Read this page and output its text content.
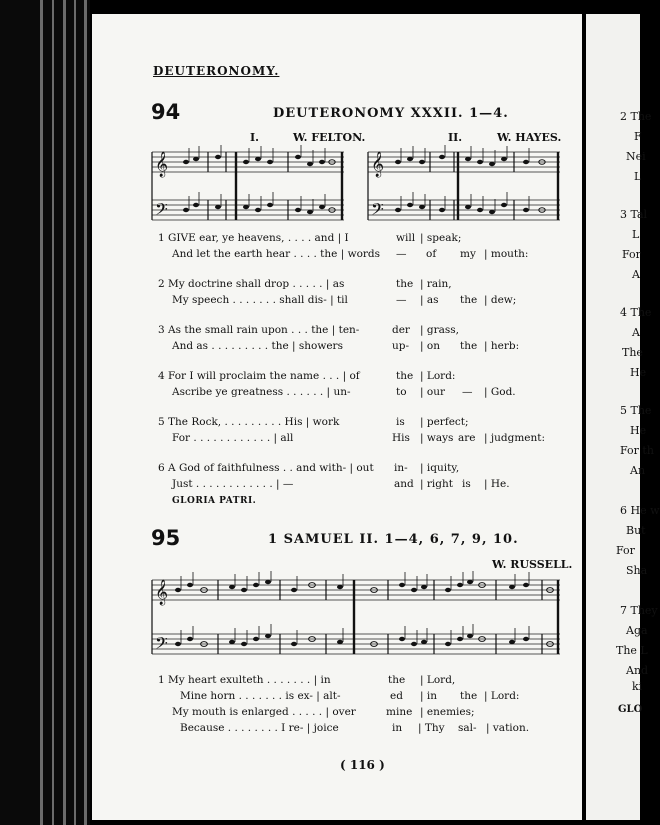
DEUTERONOMY.
94	DEUTERONOMY XXXII. 1—4.
I.	W. FELTON.	II.	W. HAYES.
𝄞
𝄢
𝄞
𝄢
1 GIVE ear, ye heavens, . . . . and | I	will | speak;
And let the earth hear . . . . the | words — of my | mouth:
2 My doctrine shall drop . . . . . | as	the | rain,
My speech . . . . . . . shall dis- | til	— | as the | dew;
3 As the small rain upon . . . the | ten-	der | grass,
And as . . . . . . . . . the | showers	up- | on the | herb:
4 For I will proclaim the name . . . | of	the | Lord:
Ascribe ye greatness . . . . . . | un-	to | our — | God.
5 The Rock, . . . . . . . . . His | work	is | perfect;
For . . . . . . . . . . . . | all	His | ways are | judgment:
6 A God of faithfulness . . and with- | out in- | iquity,
Just . . . . . . . . . . . . | —	and | right is | He.
GLORIA PATRI.
95	1 SAMUEL II. 1—4, 6, 7, 9, 10.
W. RUSSELL.
𝄞
𝄢
1 My heart exulteth . . . . . . . | in	the | Lord,
Mine horn . . . . . . . is ex- | alt-	ed | in the | Lord:
My mouth is enlarged . . . . . | over	mine | enemies;
Because . . . . . . . . I re- | joice	in | Thy sal- | vation.
( 116 )
2 The
F
Nei
L
3 Tal
L
For
A
4 The
A
The
He
5 The
He
For th
An
6 He w
But
For
Sha
7 They
Aga
The L
And
ki
GLO
